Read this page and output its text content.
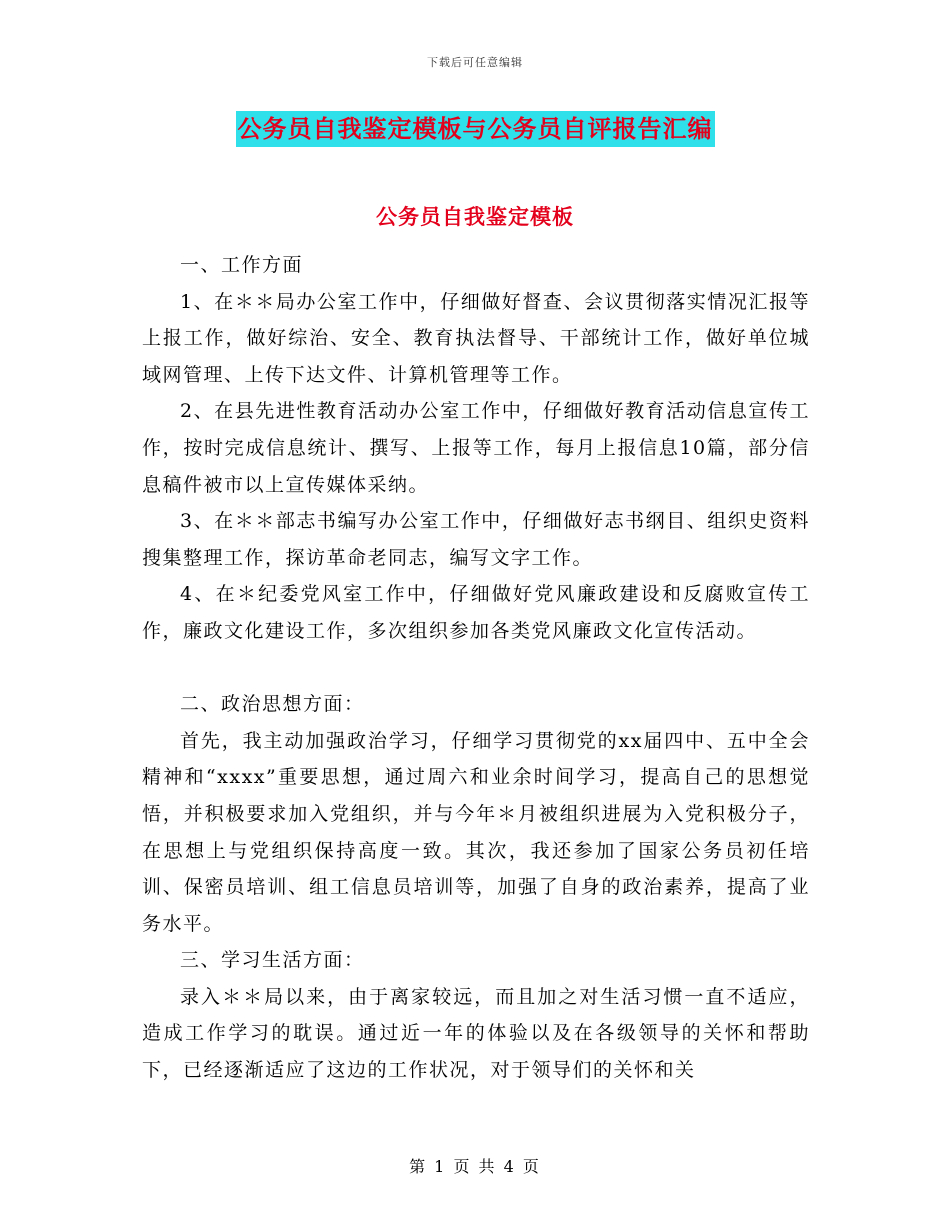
下载后可任意编辑
公务员自我鉴定模板与公务员自评报告汇编
公务员自我鉴定模板

一、工作方面

1、在＊＊局办公室工作中，仔细做好督查、会议贯彻落实情况汇报等上报工作，做好综治、安全、教育执法督导、干部统计工作，做好单位城域网管理、上传下达文件、计算机管理等工作。

2、在县先进性教育活动办公室工作中，仔细做好教育活动信息宣传工作，按时完成信息统计、撰写、上报等工作，每月上报信息10篇，部分信息稿件被市以上宣传媒体采纳。

3、在＊＊部志书编写办公室工作中，仔细做好志书纲目、组织史资料搜集整理工作，探访革命老同志，编写文字工作。

4、在＊纪委党风室工作中，仔细做好党风廉政建设和反腐败宣传工作，廉政文化建设工作，多次组织参加各类党风廉政文化宣传活动。

二、政治思想方面：

首先，我主动加强政治学习，仔细学习贯彻党的xx届四中、五中全会精神和“xxxx”重要思想，通过周六和业余时间学习，提高自己的思想觉悟，并积极要求加入党组织，并与今年＊月被组织进展为入党积极分子，在思想上与党组织保持高度一致。其次，我还参加了国家公务员初任培训、保密员培训、组工信息员培训等，加强了自身的政治素养，提高了业务水平。

三、学习生活方面：

录入＊＊局以来，由于离家较远，而且加之对生活习惯一直不适应，造成工作学习的耽误。通过近一年的体验以及在各级领导的关怀和帮助下，已经逐渐适应了这边的工作状况，对于领导们的关怀和关

第 1 页 共 4 页
